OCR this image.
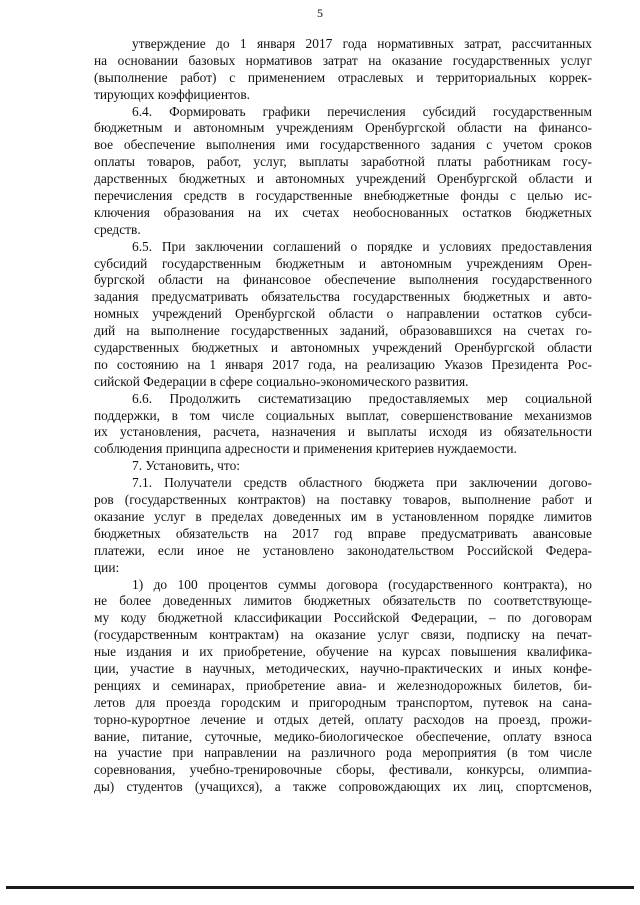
5
утверждение до 1 января 2017 года нормативных затрат, рассчитанных
на основании базовых нормативов затрат на оказание государственных услуг
(выполнение работ) с применением отраслевых и территориальных коррек-
тирующих коэффициентов.
6.4. Формировать графики перечисления субсидий государственным
бюджетным и автономным учреждениям Оренбургской области на финансо-
вое обеспечение выполнения ими государственного задания с учетом сроков
оплаты товаров, работ, услуг, выплаты заработной платы работникам госу-
дарственных бюджетных и автономных учреждений Оренбургской области и
перечисления средств в государственные внебюджетные фонды с целью ис-
ключения образования на их счетах необоснованных остатков бюджетных
средств.
6.5. При заключении соглашений о порядке и условиях предоставления
субсидий государственным бюджетным и автономным учреждениям Орен-
бургской области на финансовое обеспечение выполнения государственного
задания предусматривать обязательства государственных бюджетных и авто-
номных учреждений Оренбургской области о направлении остатков субси-
дий на выполнение государственных заданий, образовавшихся на счетах го-
сударственных бюджетных и автономных учреждений Оренбургской области
по состоянию на 1 января 2017 года, на реализацию Указов Президента Рос-
сийской Федерации в сфере социально-экономического развития.
6.6. Продолжить систематизацию предоставляемых мер социальной
поддержки, в том числе социальных выплат, совершенствование механизмов
их установления, расчета, назначения и выплаты исходя из обязательности
соблюдения принципа адресности и применения критериев нуждаемости.
7. Установить, что:
7.1. Получатели средств областного бюджета при заключении догово-
ров (государственных контрактов) на поставку товаров, выполнение работ и
оказание услуг в пределах доведенных им в установленном порядке лимитов
бюджетных обязательств на 2017 год вправе предусматривать авансовые
платежи, если иное не установлено законодательством Российской Федера-
ции:
1) до 100 процентов суммы договора (государственного контракта), но
не более доведенных лимитов бюджетных обязательств по соответствующе-
му коду бюджетной классификации Российской Федерации, – по договорам
(государственным контрактам) на оказание услуг связи, подписку на печат-
ные издания и их приобретение, обучение на курсах повышения квалифика-
ции, участие в научных, методических, научно-практических и иных конфе-
ренциях и семинарах, приобретение авиа- и железнодорожных билетов, би-
летов для проезда городским и пригородным транспортом, путевок на сана-
торно-курортное лечение и отдых детей, оплату расходов на проезд, прожи-
вание, питание, суточные, медико-биологическое обеспечение, оплату взноса
на участие при направлении на различного рода мероприятия (в том числе
соревнования, учебно-тренировочные сборы, фестивали, конкурсы, олимпиа-
ды) студентов (учащихся), а также сопровождающих их лиц, спортсменов,
